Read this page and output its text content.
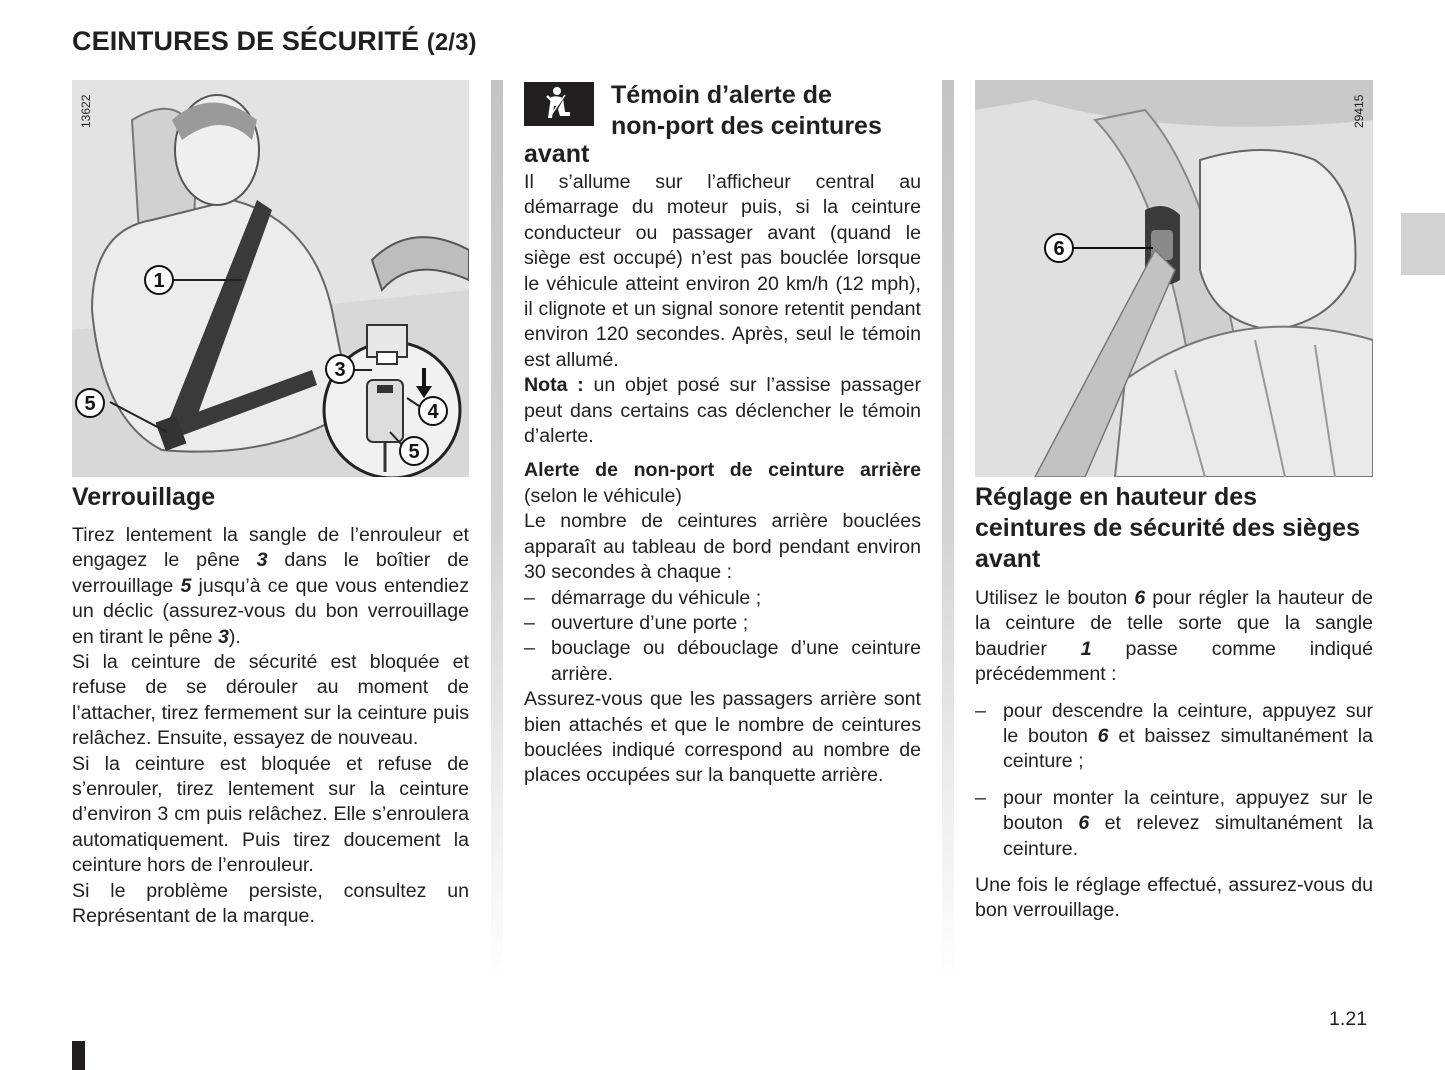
CEINTURES DE SÉCURITÉ (2/3)
13622
1
3
4
5
5
Verrouillage

Tirez lentement la sangle de l’enrouleur et engagez le pêne 3 dans le boîtier de verrouillage 5 jusqu’à ce que vous entendiez un déclic (assurez-vous du bon verrouillage en tirant le pêne 3).

Si la ceinture de sécurité est bloquée et refuse de se dérouler au moment de l’attacher, tirez fermement sur la ceinture puis relâchez. Ensuite, essayez de nouveau.

Si la ceinture est bloquée et refuse de s’enrouler, tirez lentement sur la ceinture d’environ 3 cm puis relâchez. Elle s’enroulera automatiquement. Puis tirez doucement la ceinture hors de l’enrouleur.

Si le problème persiste, consultez un Représentant de la marque.

Témoin d’alerte de
non-port des ceintures
avant

Il s’allume sur l’afficheur central au démarrage du moteur puis, si la ceinture conducteur ou passager avant (quand le siège est occupé) n’est pas bouclée lorsque le véhicule atteint environ 20 km/h (12 mph), il clignote et un signal sonore retentit pendant environ 120 secondes. Après, seul le témoin est allumé.

Nota : un objet posé sur l’assise passager peut dans certains cas déclencher le témoin d’alerte.

Alerte de non-port de ceinture arrière (selon le véhicule)

Le nombre de ceintures arrière bouclées apparaît au tableau de bord pendant environ 30 secondes à chaque :

– démarrage du véhicule ;
– ouverture d’une porte ;
– bouclage ou débouclage d’une ceinture arrière.

Assurez-vous que les passagers arrière sont bien attachés et que le nombre de ceintures bouclées indiqué correspond au nombre de places occupées sur la banquette arrière.

29415
6
Réglage en hauteur des ceintures de sécurité des sièges avant

Utilisez le bouton 6 pour régler la hauteur de la ceinture de telle sorte que la sangle baudrier 1 passe comme indiqué précédemment :

– pour descendre la ceinture, appuyez sur le bouton 6 et baissez simultanément la ceinture ;
– pour monter la ceinture, appuyez sur le bouton 6 et relevez simultanément la ceinture.

Une fois le réglage effectué, assurez-vous du bon verrouillage.

1.21
